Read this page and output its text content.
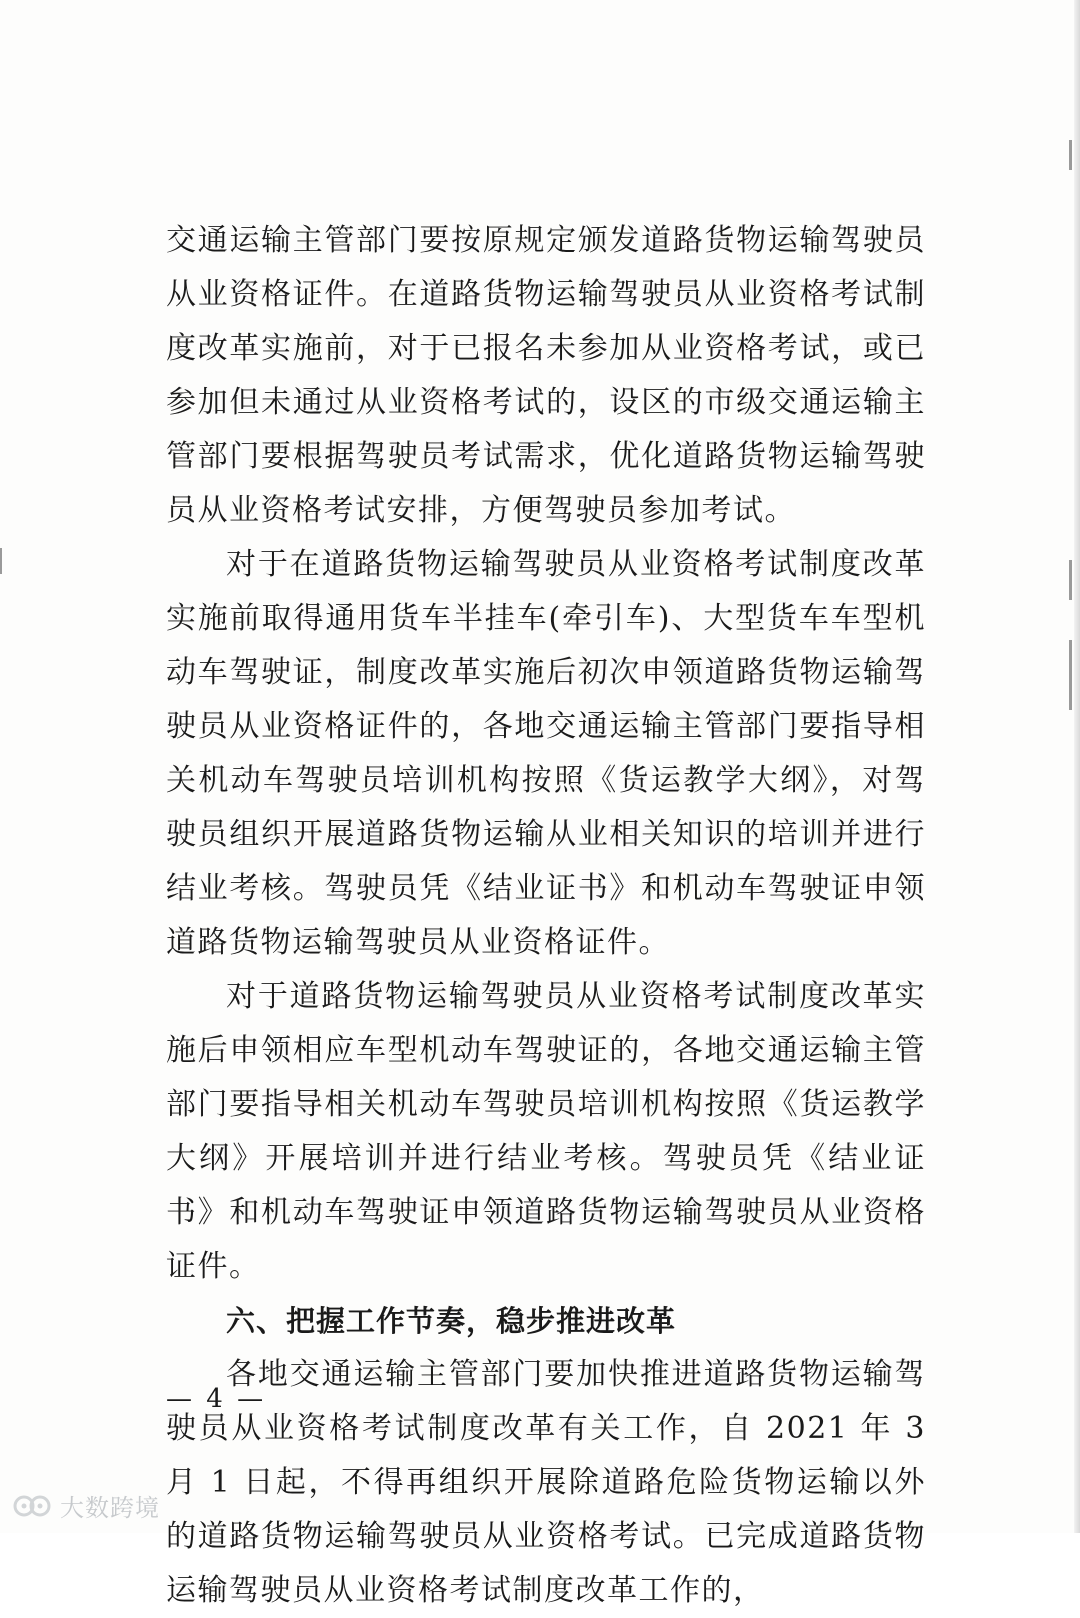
交通运输主管部门要按原规定颁发道路货物运输驾驶员从业资格证件。在道路货物运输驾驶员从业资格考试制度改革实施前，对于已报名未参加从业资格考试，或已参加但未通过从业资格考试的，设区的市级交通运输主管部门要根据驾驶员考试需求，优化道路货物运输驾驶员从业资格考试安排，方便驾驶员参加考试。

对于在道路货物运输驾驶员从业资格考试制度改革实施前取得通用货车半挂车(牵引车)、大型货车车型机动车驾驶证，制度改革实施后初次申领道路货物运输驾驶员从业资格证件的，各地交通运输主管部门要指导相关机动车驾驶员培训机构按照《货运教学大纲》，对驾驶员组织开展道路货物运输从业相关知识的培训并进行结业考核。驾驶员凭《结业证书》和机动车驾驶证申领道路货物运输驾驶员从业资格证件。

对于道路货物运输驾驶员从业资格考试制度改革实施后申领相应车型机动车驾驶证的，各地交通运输主管部门要指导相关机动车驾驶员培训机构按照《货运教学大纲》开展培训并进行结业考核。驾驶员凭《结业证书》和机动车驾驶证申领道路货物运输驾驶员从业资格证件。

六、把握工作节奏，稳步推进改革

各地交通运输主管部门要加快推进道路货物运输驾驶员从业资格考试制度改革有关工作，自 2021 年 3 月 1 日起，不得再组织开展除道路危险货物运输以外的道路货物运输驾驶员从业资格考试。已完成道路货物运输驾驶员从业资格考试制度改革工作的，

— 4 —
大数跨境
